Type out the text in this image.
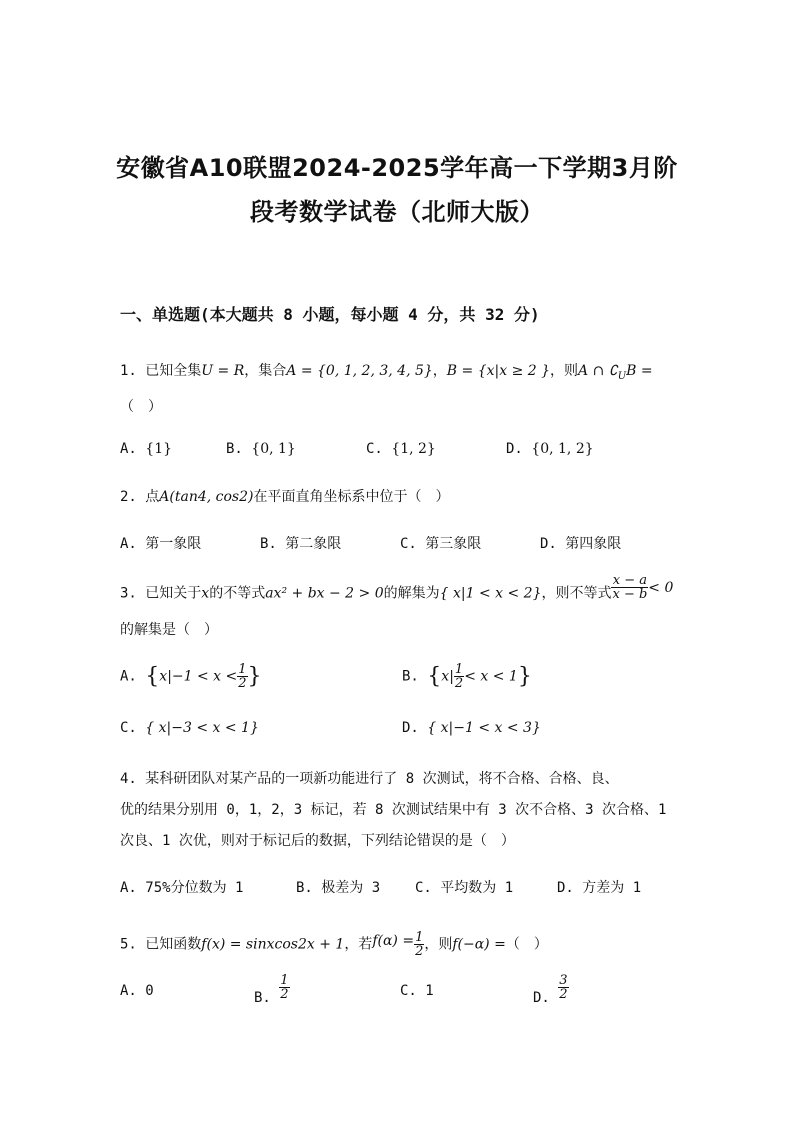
安徽省A10联盟2024-2025学年高一下学期3月阶
段考数学试卷（北师大版）
一、单选题(本大题共 8 小题，每小题 4 分，共 32 分)
1. 已知全集U = R，集合A = {0, 1, 2, 3, 4, 5}，B = {x|x ≥ 2 }，则A ∩ $∁_UB$ =
（　）
A. {1}	B. {0, 1}	C. {1, 2}	D. {0, 1, 2}
2. 点A(tan4, cos2)在平面直角坐标系中位于（　）
A. 第一象限	B. 第二象限	C. 第三象限	D. 第四象限
3. 已知关于x的不等式ax² + bx − 2 > 0的解集为{ x|1 < x < 2}，则不等式 $\frac{x - a}{x - b} < 0$
的解集是（　）
A. {$x|-1 < x < \frac{1}{2}$ }	B. $\{x| \frac{1}{2} < x < 1\}$
C. { x|−3 < x < 1}	D. { x|−1 < x < 3}
4. 某科研团队对某产品的一项新功能进行了 8 次测试，将不合格、合格、良、
优的结果分别用 0，1，2，3 标记，若 8 次测试结果中有 3 次不合格、3 次合格、1
次良、1 次优，则对于标记后的数据，下列结论错误的是（　）
A. 75%分位数为 1	B. 极差为 3 C. 平均数为 1	D. 方差为 1
5. 已知函数f(x) = sinxcos2x + 1，若$f(\alpha) = \frac{1}{2}$ ，则f(−α) =（　）
A. 0	B. $\frac{1}{2}$	C. 1	D. $\frac{3}{2}$
